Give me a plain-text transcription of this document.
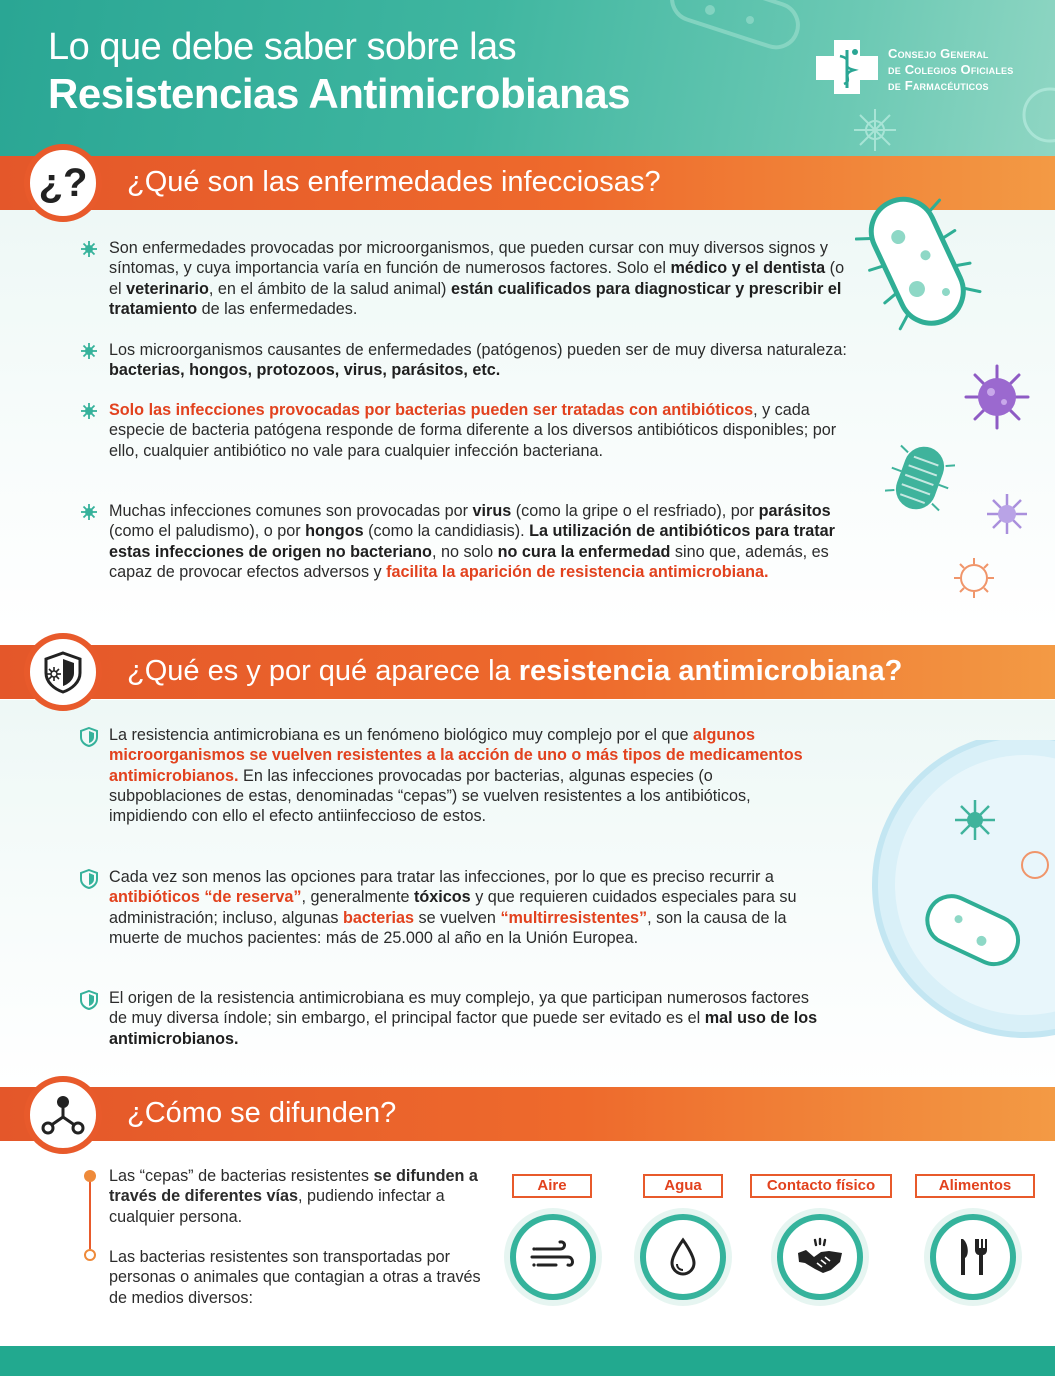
Lo que debe saber sobre las
Resistencias Antimicrobianas
Consejo General
de Colegios Oficiales
de Farmacéuticos
¿Qué son las enfermedades infecciosas?
¿?
Son enfermedades provocadas por microorganismos, que pueden cursar con muy diversos signos y síntomas, y cuya importancia varía en función de numerosos factores. Solo el médico y el dentista (o el veterinario, en el ámbito de la salud animal) están cualificados para diagnosticar y prescribir el tratamiento de las enfermedades.
Los microorganismos causantes de enfermedades (patógenos) pueden ser de muy diversa naturaleza: bacterias, hongos, protozoos, virus, parásitos, etc.
Solo las infecciones provocadas por bacterias pueden ser tratadas con antibióticos, y cada especie de bacteria patógena responde de forma diferente a los diversos antibióticos disponibles; por ello, cualquier antibiótico no vale para cualquier infección bacteriana.
Muchas infecciones comunes son provocadas por virus (como la gripe o el resfriado), por parásitos (como el paludismo), o por hongos (como la candidiasis). La utilización de antibióticos para tratar estas infecciones de origen no bacteriano, no solo no cura la enfermedad sino que, además, es capaz de provocar efectos adversos y facilita la aparición de resistencia antimicrobiana.
¿Qué es y por qué aparece la resistencia antimicrobiana?
La resistencia antimicrobiana es un fenómeno biológico muy complejo por el que algunos microorganismos se vuelven resistentes a la acción de uno o más tipos de medicamentos antimicrobianos. En las infecciones provocadas por bacterias, algunas especies (o subpoblaciones de estas, denominadas “cepas”) se vuelven resistentes a los antibióticos, impidiendo con ello el efecto antiinfeccioso de estos.
Cada vez son menos las opciones para tratar las infecciones, por lo que es preciso recurrir a antibióticos “de reserva”, generalmente tóxicos y que requieren cuidados especiales para su administración; incluso, algunas bacterias se vuelven “multirresistentes”, son la causa de la muerte de muchos pacientes: más de 25.000 al año en la Unión Europea.
El origen de la resistencia antimicrobiana es muy complejo, ya que participan numerosos factores de muy diversa índole; sin embargo, el principal factor que puede ser evitado es el mal uso de los antimicrobianos.
¿Cómo se difunden?
Las “cepas” de bacterias resistentes se difunden a través de diferentes vías, pudiendo infectar a cualquier persona.
Las bacterias resistentes son transportadas por personas o animales que contagian a otras a través de medios diversos:
Aire	Agua	Contacto físico	Alimentos
